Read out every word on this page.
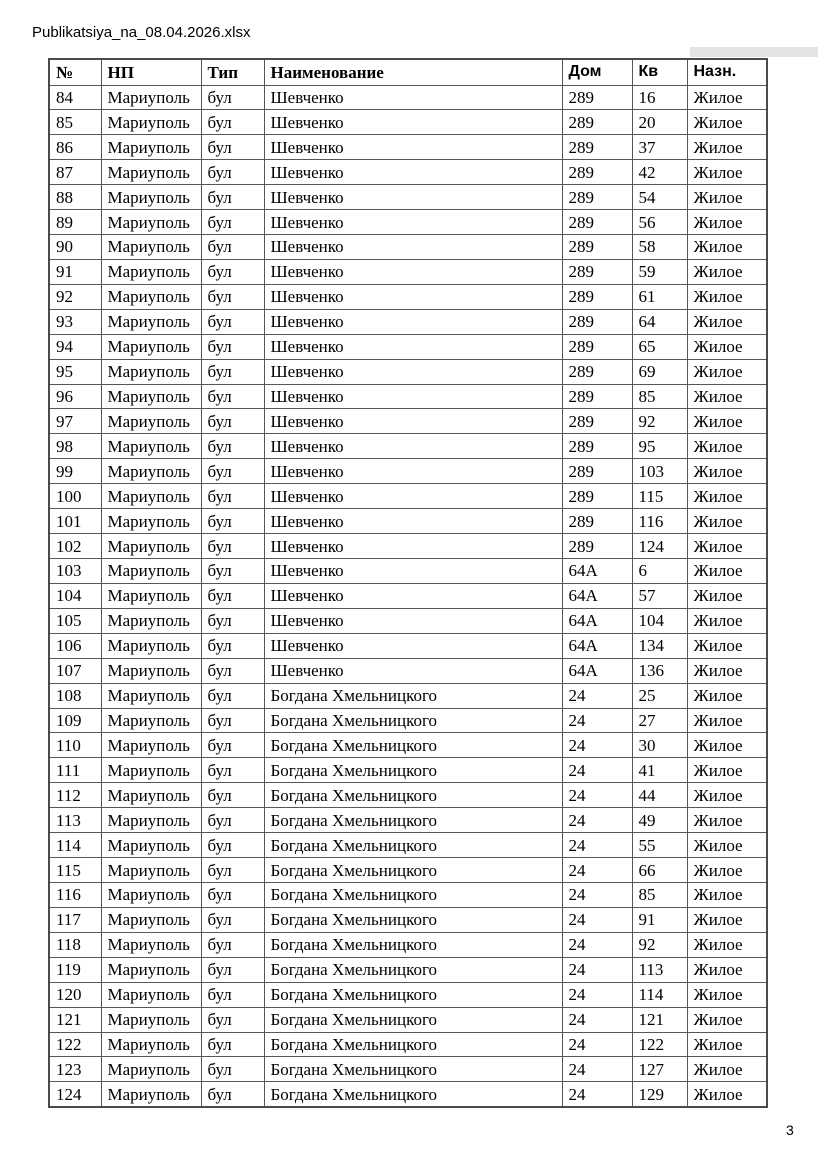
Publikatsiya_na_08.04.2026.xlsx
№	НП	Тип	Наименование	Дом	Кв	Назн.
84	Мариуполь	бул	Шевченко	289	16	Жилое
85	Мариуполь	бул	Шевченко	289	20	Жилое
86	Мариуполь	бул	Шевченко	289	37	Жилое
87	Мариуполь	бул	Шевченко	289	42	Жилое
88	Мариуполь	бул	Шевченко	289	54	Жилое
89	Мариуполь	бул	Шевченко	289	56	Жилое
90	Мариуполь	бул	Шевченко	289	58	Жилое
91	Мариуполь	бул	Шевченко	289	59	Жилое
92	Мариуполь	бул	Шевченко	289	61	Жилое
93	Мариуполь	бул	Шевченко	289	64	Жилое
94	Мариуполь	бул	Шевченко	289	65	Жилое
95	Мариуполь	бул	Шевченко	289	69	Жилое
96	Мариуполь	бул	Шевченко	289	85	Жилое
97	Мариуполь	бул	Шевченко	289	92	Жилое
98	Мариуполь	бул	Шевченко	289	95	Жилое
99	Мариуполь	бул	Шевченко	289	103	Жилое
100	Мариуполь	бул	Шевченко	289	115	Жилое
101	Мариуполь	бул	Шевченко	289	116	Жилое
102	Мариуполь	бул	Шевченко	289	124	Жилое
103	Мариуполь	бул	Шевченко	64А	6	Жилое
104	Мариуполь	бул	Шевченко	64А	57	Жилое
105	Мариуполь	бул	Шевченко	64А	104	Жилое
106	Мариуполь	бул	Шевченко	64А	134	Жилое
107	Мариуполь	бул	Шевченко	64А	136	Жилое
108	Мариуполь	бул	Богдана Хмельницкого	24	25	Жилое
109	Мариуполь	бул	Богдана Хмельницкого	24	27	Жилое
110	Мариуполь	бул	Богдана Хмельницкого	24	30	Жилое
111	Мариуполь	бул	Богдана Хмельницкого	24	41	Жилое
112	Мариуполь	бул	Богдана Хмельницкого	24	44	Жилое
113	Мариуполь	бул	Богдана Хмельницкого	24	49	Жилое
114	Мариуполь	бул	Богдана Хмельницкого	24	55	Жилое
115	Мариуполь	бул	Богдана Хмельницкого	24	66	Жилое
116	Мариуполь	бул	Богдана Хмельницкого	24	85	Жилое
117	Мариуполь	бул	Богдана Хмельницкого	24	91	Жилое
118	Мариуполь	бул	Богдана Хмельницкого	24	92	Жилое
119	Мариуполь	бул	Богдана Хмельницкого	24	113	Жилое
120	Мариуполь	бул	Богдана Хмельницкого	24	114	Жилое
121	Мариуполь	бул	Богдана Хмельницкого	24	121	Жилое
122	Мариуполь	бул	Богдана Хмельницкого	24	122	Жилое
123	Мариуполь	бул	Богдана Хмельницкого	24	127	Жилое
124	Мариуполь	бул	Богдана Хмельницкого	24	129	Жилое
3
